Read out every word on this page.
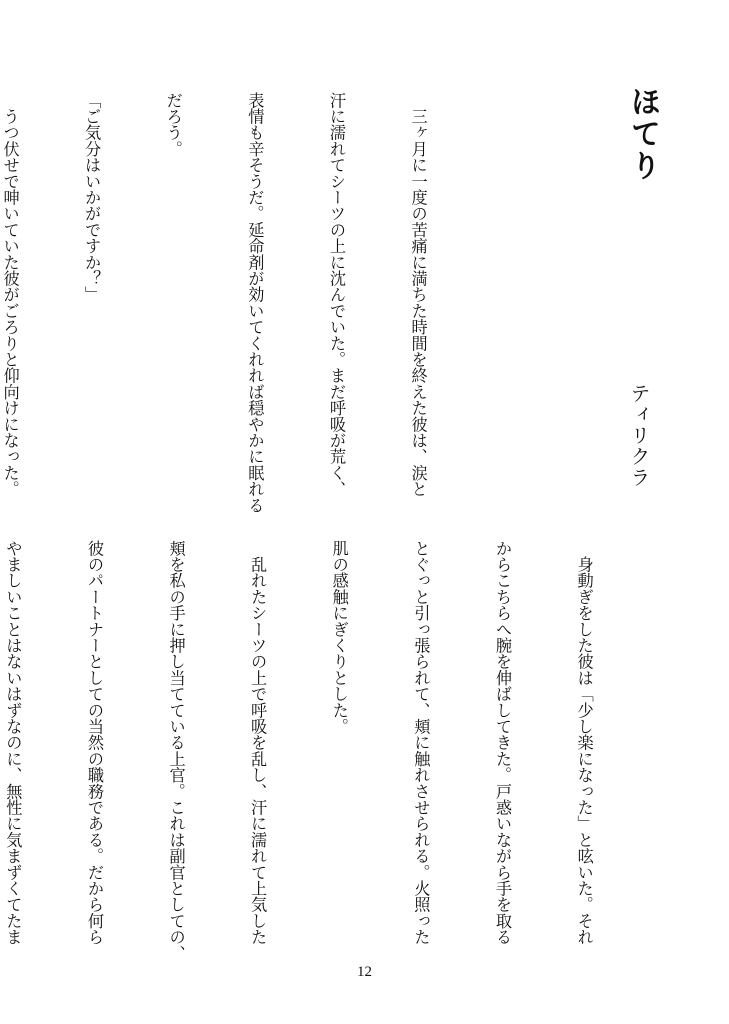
ほてり
ティリクラ

　三ヶ月に一度の苦痛に満ちた時間を終えた彼は、涙と

汗に濡れてシーツの上に沈んでいた。まだ呼吸が荒く、

表情も辛そうだ。延命剤が効いてくれれば穏やかに眠れる

だろう。

「ご気分はいかがですか？」

　うつ伏せで呻いていた彼がごろりと仰向けになった。

　身動ぎをした彼は「少し楽になった」と呟いた。それ

からこちらへ腕を伸ばしてきた。戸惑いながら手を取る

とぐっと引っ張られて、頬に触れさせられる。火照った

肌の感触にぎくりとした。

　乱れたシーツの上で呼吸を乱し、汗に濡れて上気した

頬を私の手に押し当てている上官。これは副官としての、

彼のパートナーとしての当然の職務である。だから何ら

やましいことはないはずなのに、無性に気まずくてたま

12
